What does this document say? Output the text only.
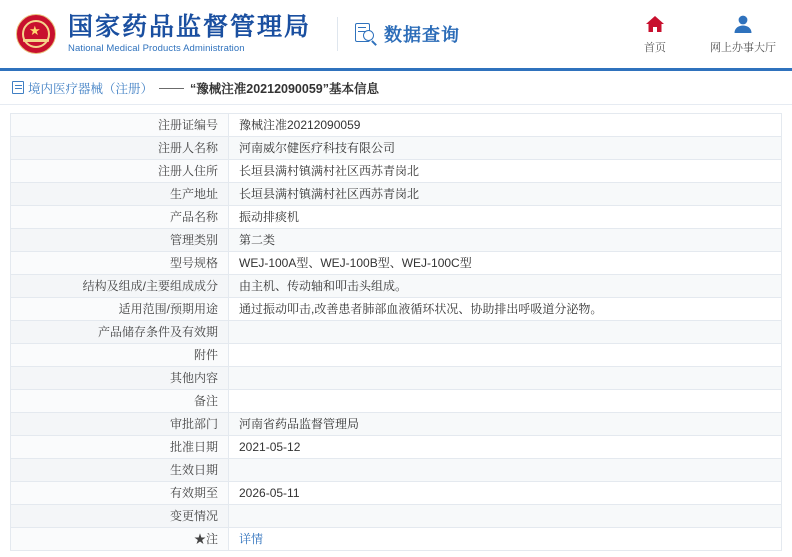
★ 国家药品监督管理局
National Medical Products Administration
数据查询
首页	网上办事大厅
境内医疗器械（注册） —— “豫械注准20212090059”基本信息
注册证编号	豫械注准20212090059
注册人名称	河南威尔健医疗科技有限公司
注册人住所	长垣县满村镇满村社区西苏青岗北
生产地址	长垣县满村镇满村社区西苏青岗北
产品名称	振动排痰机
管理类别	第二类
型号规格	WEJ-100A型、WEJ-100B型、WEJ-100C型
结构及组成/主要组成成分	由主机、传动轴和叩击头组成。
适用范围/预期用途	通过振动叩击,改善患者肺部血液循环状况、协助排出呼吸道分泌物。
产品储存条件及有效期	
附件	
其他内容	
备注	
审批部门	河南省药品监督管理局
批准日期	2021-05-12
生效日期	
有效期至	2026-05-11
变更情况	
★注	详情
